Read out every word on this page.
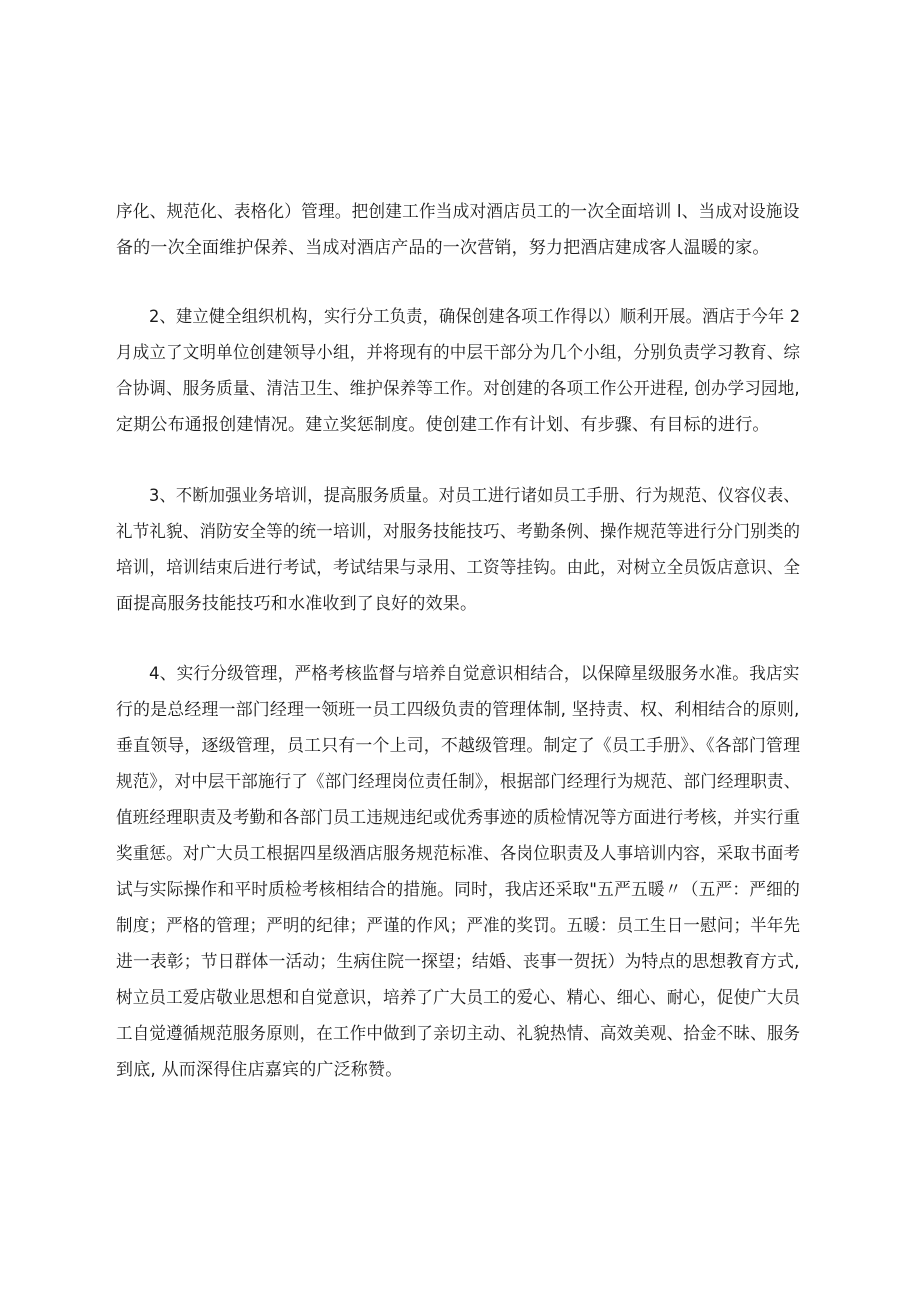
序化、规范化、表格化）管理。把创建工作当成对酒店员工的一次全面培训 l、当成对设施设
备的一次全面维护保养、当成对酒店产品的一次营销，努力把酒店建成客人温暖的家。
2、建立健全组织机构，实行分工负责，确保创建各项工作得以）顺利开展。酒店于今年 2
月成立了文明单位创建领导小组，并将现有的中层干部分为几个小组，分别负责学习教育、综
合协调、服务质量、清洁卫生、维护保养等工作。对创建的各项工作公开进程, 创办学习园地,
定期公布通报创建情况。建立奖惩制度。使创建工作有计划、有步骤、有目标的进行。
3、不断加强业务培训，提高服务质量。对员工进行诸如员工手册、行为规范、仪容仪表、
礼节礼貌、消防安全等的统一培训，对服务技能技巧、考勤条例、操作规范等进行分门别类的
培训，培训结束后进行考试，考试结果与录用、工资等挂钩。由此，对树立全员饭店意识、全
面提高服务技能技巧和水准收到了良好的效果。
4、实行分级管理，严格考核监督与培养自觉意识相结合，以保障星级服务水准。我店实
行的是总经理一部门经理一领班一员工四级负责的管理体制, 坚持责、权、利相结合的原则,
垂直领导，逐级管理，员工只有一个上司，不越级管理。制定了《员工手册》、《各部门管理
规范》，对中层干部施行了《部门经理岗位责任制》，根据部门经理行为规范、部门经理职责、
值班经理职责及考勤和各部门员工违规违纪或优秀事迹的质检情况等方面进行考核，并实行重
奖重惩。对广大员工根据四星级酒店服务规范标准、各岗位职责及人事培训内容，采取书面考
试与实际操作和平时质检考核相结合的措施。同时，我店还采取"五严五暖〃（五严：严细的
制度；严格的管理；严明的纪律；严谨的作风；严准的奖罚。五暖：员工生日一慰问；半年先
进一表彰；节日群体一活动；生病住院一探望；结婚、丧事一贺抚）为特点的思想教育方式,
树立员工爱店敬业思想和自觉意识，培养了广大员工的爱心、精心、细心、耐心，促使广大员
工自觉遵循规范服务原则，在工作中做到了亲切主动、礼貌热情、高效美观、拾金不昧、服务
到底, 从而深得住店嘉宾的广泛称赞。
